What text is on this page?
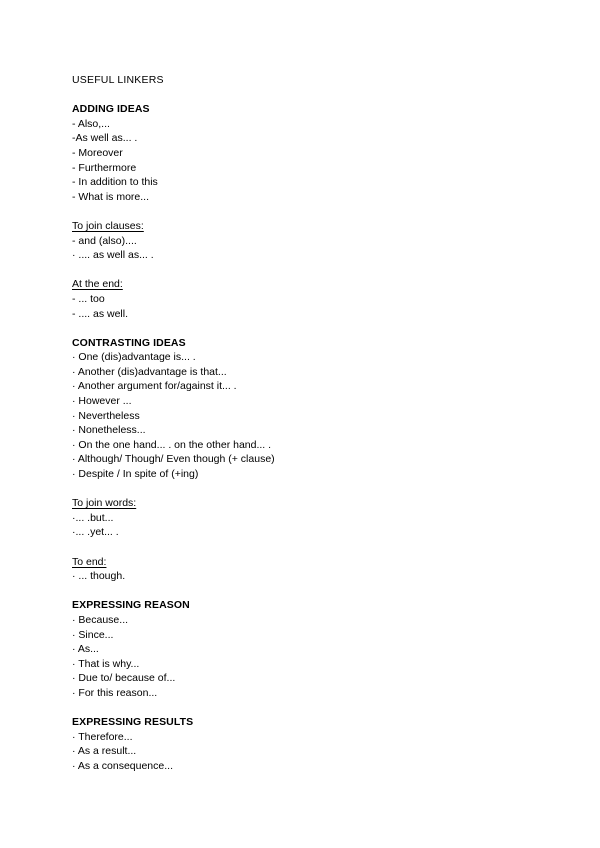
USEFUL LINKERS

ADDING IDEAS

- Also,...
-As well as... .
- Moreover
- Furthermore
- In addition to this
- What is more...

To join clauses:

- and (also)....
· .... as well as... .

At the end:

- ... too
- .... as well.

CONTRASTING IDEAS

· One (dis)advantage is... .
· Another (dis)advantage is that...
· Another argument for/against it... .
· However ...
· Nevertheless
· Nonetheless...
· On the one hand... . on the other hand... .
· Although/ Though/ Even though (+ clause)
· Despite / In spite of (+ing)

To join words:

·... .but...
·... .yet... .

To end:

· ... though.

EXPRESSING REASON

· Because...
· Since...
· As...
· That is why...
· Due to/ because of...
· For this reason...

EXPRESSING RESULTS

· Therefore...
· As a result...
· As a consequence...
